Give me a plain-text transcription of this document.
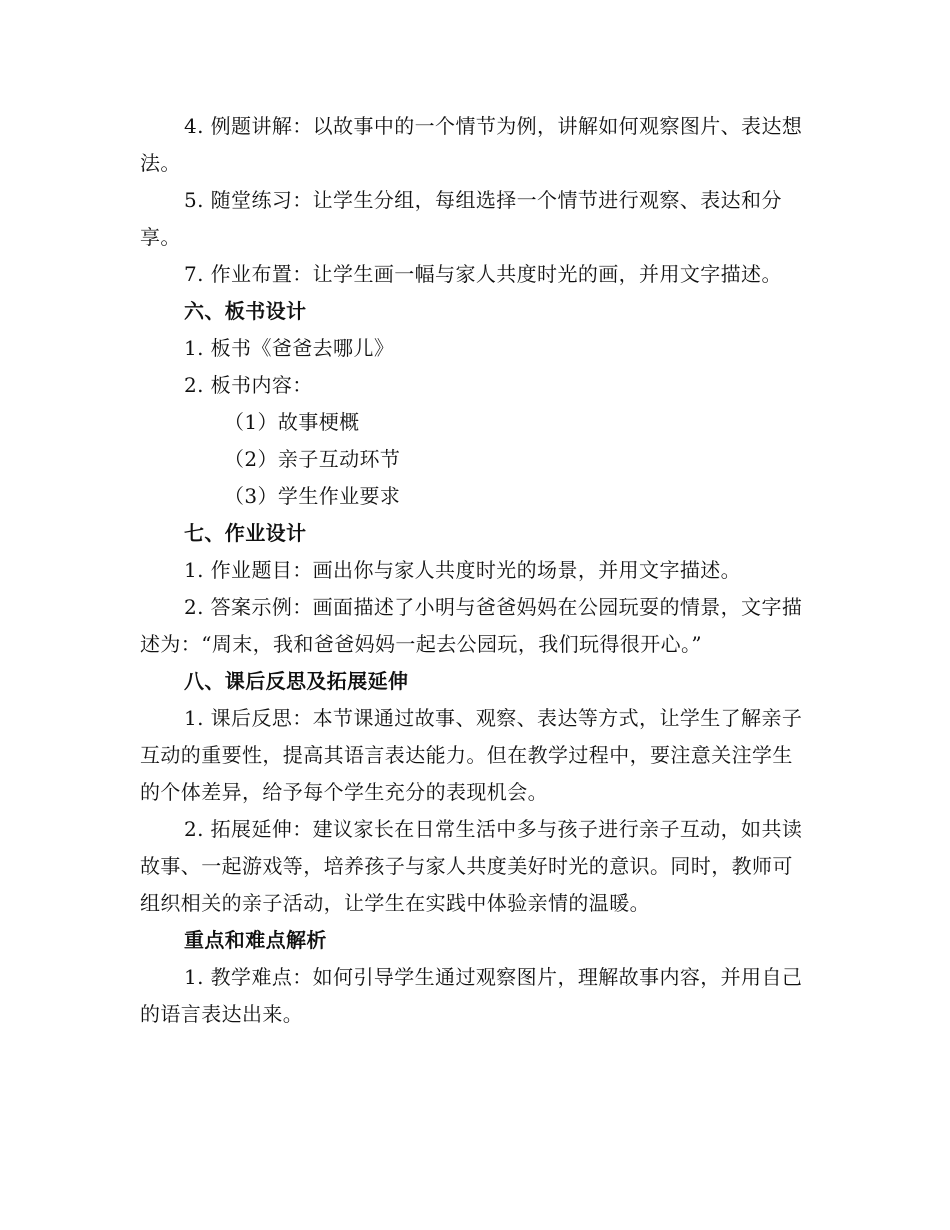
4. 例题讲解：以故事中的一个情节为例，讲解如何观察图片、表达想法。

5. 随堂练习：让学生分组，每组选择一个情节进行观察、表达和分享。

7. 作业布置：让学生画一幅与家人共度时光的画，并用文字描述。

六、板书设计

1. 板书《爸爸去哪儿》

2. 板书内容：

（1）故事梗概

（2）亲子互动环节

（3）学生作业要求

七、作业设计

1. 作业题目：画出你与家人共度时光的场景，并用文字描述。

2. 答案示例：画面描述了小明与爸爸妈妈在公园玩耍的情景，文字描述为：“周末，我和爸爸妈妈一起去公园玩，我们玩得很开心。”

八、课后反思及拓展延伸

1. 课后反思：本节课通过故事、观察、表达等方式，让学生了解亲子互动的重要性，提高其语言表达能力。但在教学过程中，要注意关注学生的个体差异，给予每个学生充分的表现机会。

2. 拓展延伸：建议家长在日常生活中多与孩子进行亲子互动，如共读故事、一起游戏等，培养孩子与家人共度美好时光的意识。同时，教师可组织相关的亲子活动，让学生在实践中体验亲情的温暖。

重点和难点解析

1. 教学难点：如何引导学生通过观察图片，理解故事内容，并用自己的语言表达出来。
